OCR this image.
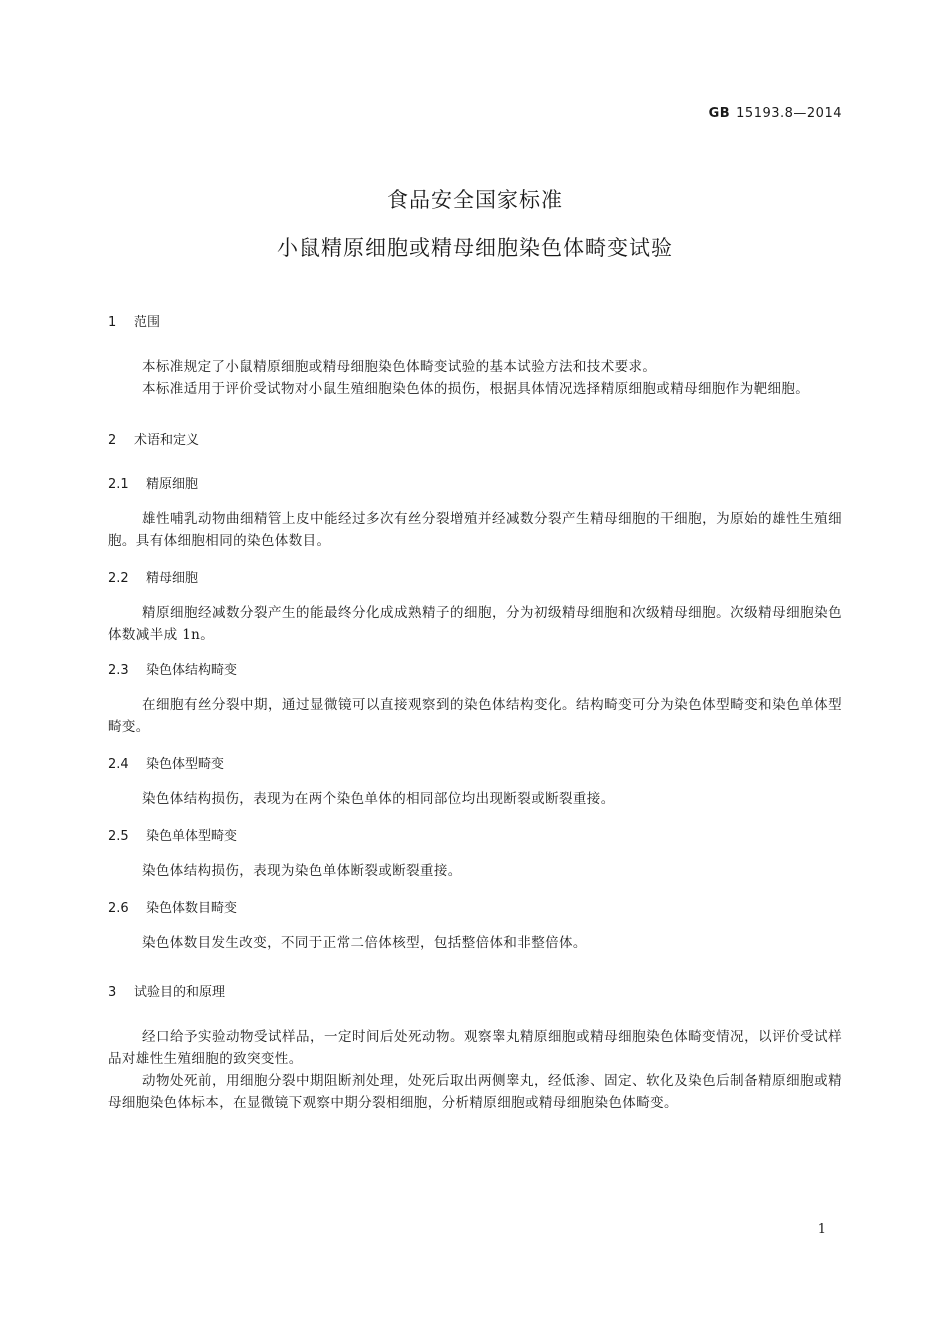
GB 15193.8—2014
食品安全国家标准
小鼠精原细胞或精母细胞染色体畸变试验
1 范围
本标准规定了小鼠精原细胞或精母细胞染色体畸变试验的基本试验方法和技术要求。
本标准适用于评价受试物对小鼠生殖细胞染色体的损伤，根据具体情况选择精原细胞或精母细胞作为靶细胞。
2 术语和定义
2.1 精原细胞
雄性哺乳动物曲细精管上皮中能经过多次有丝分裂增殖并经减数分裂产生精母细胞的干细胞，为原始的雄性生殖细胞。具有体细胞相同的染色体数目。
2.2 精母细胞
精原细胞经减数分裂产生的能最终分化成成熟精子的细胞，分为初级精母细胞和次级精母细胞。次级精母细胞染色体数减半成 1n。
2.3 染色体结构畸变
在细胞有丝分裂中期，通过显微镜可以直接观察到的染色体结构变化。结构畸变可分为染色体型畸变和染色单体型畸变。
2.4 染色体型畸变
染色体结构损伤，表现为在两个染色单体的相同部位均出现断裂或断裂重接。
2.5 染色单体型畸变
染色体结构损伤，表现为染色单体断裂或断裂重接。
2.6 染色体数目畸变
染色体数目发生改变，不同于正常二倍体核型，包括整倍体和非整倍体。
3 试验目的和原理
经口给予实验动物受试样品，一定时间后处死动物。观察睾丸精原细胞或精母细胞染色体畸变情况，以评价受试样品对雄性生殖细胞的致突变性。
动物处死前，用细胞分裂中期阻断剂处理，处死后取出两侧睾丸，经低渗、固定、软化及染色后制备精原细胞或精母细胞染色体标本，在显微镜下观察中期分裂相细胞，分析精原细胞或精母细胞染色体畸变。
1
